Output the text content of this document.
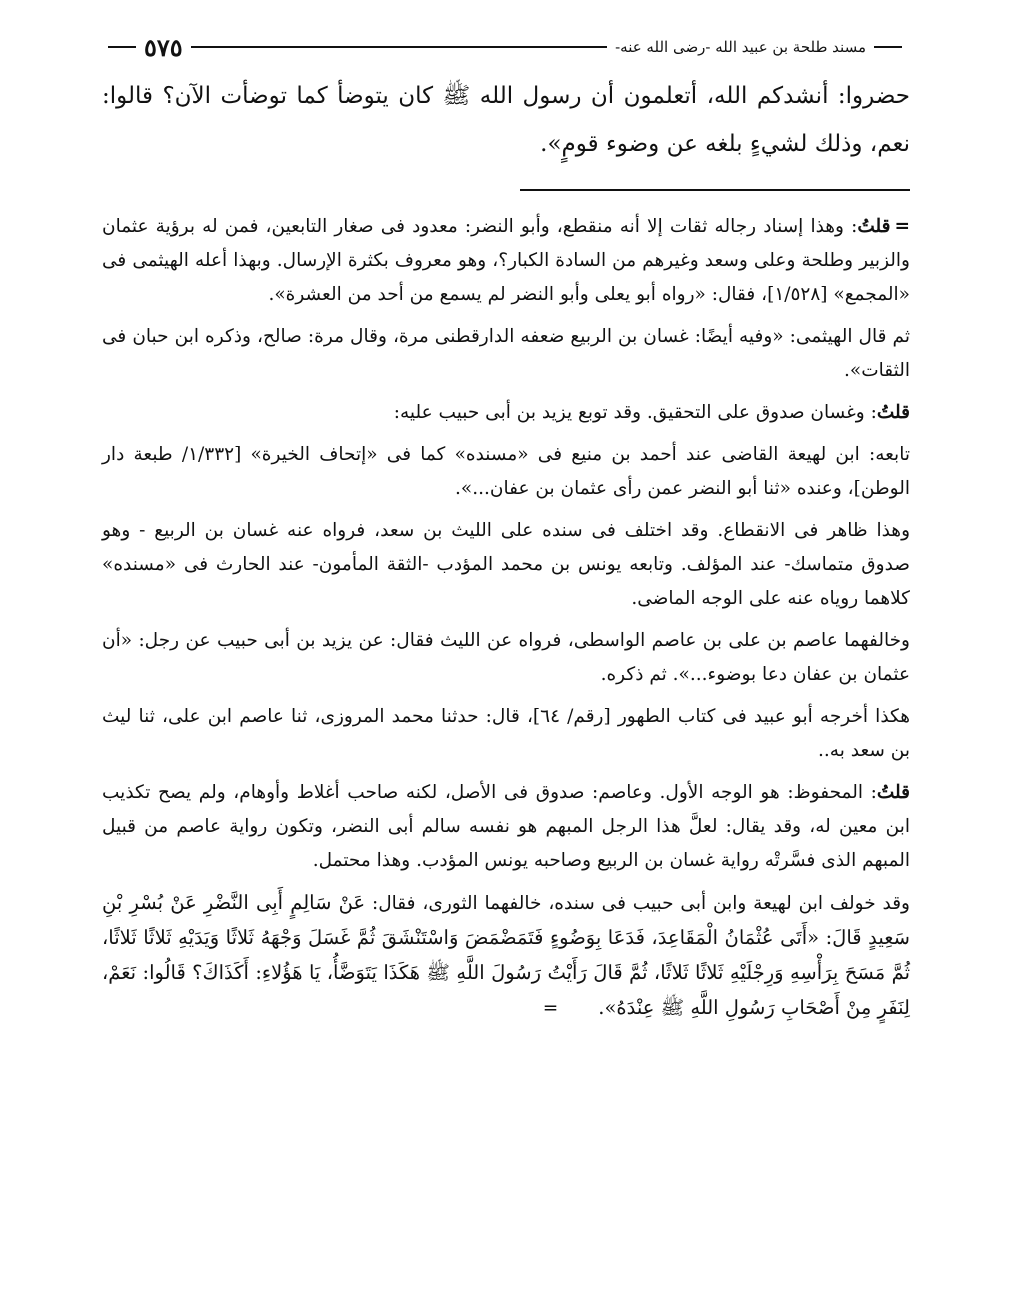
مسند طلحة بن عبيد الله -رضى الله عنه-
٥٧٥

حضروا: أنشدكم الله، أتعلمون أن رسول الله ﷺ كان يتوضأ كما توضأت الآن؟ قالوا: نعم، وذلك لشيءٍ بلغه عن وضوء قومٍ».

=قلتُ: وهذا إسناد رجاله ثقات إلا أنه منقطع، وأبو النضر: معدود فى صغار التابعين، فمن له برؤية عثمان والزبير وطلحة وعلى وسعد وغيرهم من السادة الكبار؟، وهو معروف بكثرة الإرسال. وبهذا أعله الهيثمى فى «المجمع» [١/٥٢٨]، فقال: «رواه أبو يعلى وأبو النضر لم يسمع من أحد من العشرة».

ثم قال الهيثمى: «وفيه أيضًا: غسان بن الربيع ضعفه الدارقطنى مرة، وقال مرة: صالح، وذكره ابن حبان فى الثقات».

قلتُ: وغسان صدوق على التحقيق. وقد توبع يزيد بن أبى حبيب عليه:

تابعه: ابن لهيعة القاضى عند أحمد بن منيع فى «مسنده» كما فى «إتحاف الخيرة» [١/٣٣٢/ طبعة دار الوطن]، وعنده «ثنا أبو النضر عمن رأى عثمان بن عفان...».

وهذا ظاهر فى الانقطاع. وقد اختلف فى سنده على الليث بن سعد، فرواه عنه غسان بن الربيع - وهو صدوق متماسك- عند المؤلف. وتابعه يونس بن محمد المؤدب -الثقة المأمون- عند الحارث فى «مسنده» كلاهما روياه عنه على الوجه الماضى.

وخالفهما عاصم بن على بن عاصم الواسطى، فرواه عن الليث فقال: عن يزيد بن أبى حبيب عن رجل: «أن عثمان بن عفان دعا بوضوء...». ثم ذكره.

هكذا أخرجه أبو عبيد فى كتاب الطهور [رقم/ ٦٤]، قال: حدثنا محمد المروزى، ثنا عاصم ابن على، ثنا ليث بن سعد به..

قلتُ: المحفوظ: هو الوجه الأول. وعاصم: صدوق فى الأصل، لكنه صاحب أغلاط وأوهام، ولم يصح تكذيب ابن معين له، وقد يقال: لعلَّ هذا الرجل المبهم هو نفسه سالم أبى النضر، وتكون رواية عاصم من قبيل المبهم الذى فسَّرتْه رواية غسان بن الربيع وصاحبه يونس المؤدب. وهذا محتمل.

وقد خولف ابن لهيعة وابن أبى حبيب فى سنده، خالفهما الثورى، فقال: عَنْ سَالِمٍ أَبِى النَّضْرِ عَنْ بُسْرِ بْنِ سَعِيدٍ قَالَ: «أَتَى عُثْمَانُ الْمَقَاعِدَ، فَدَعَا بِوَضُوءٍ فَتَمَضْمَضَ وَاسْتَنْشَقَ ثُمَّ غَسَلَ وَجْهَهُ ثَلاثًا وَيَدَيْهِ ثَلاثًا ثَلاثًا، ثُمَّ مَسَحَ بِرَأْسِهِ وَرِجْلَيْهِ ثَلاثًا ثَلاثًا، ثُمَّ قَالَ رَأَيْتُ رَسُولَ اللَّهِ ﷺ هَكَذَا يَتَوَضَّأُ، يَا هَؤُلاءِ: أَكَذَاكَ؟ قَالُوا: نَعَمْ، لِنَفَرٍ مِنْ أَصْحَابِ رَسُولِ اللَّهِ ﷺ عِنْدَهُ».=
